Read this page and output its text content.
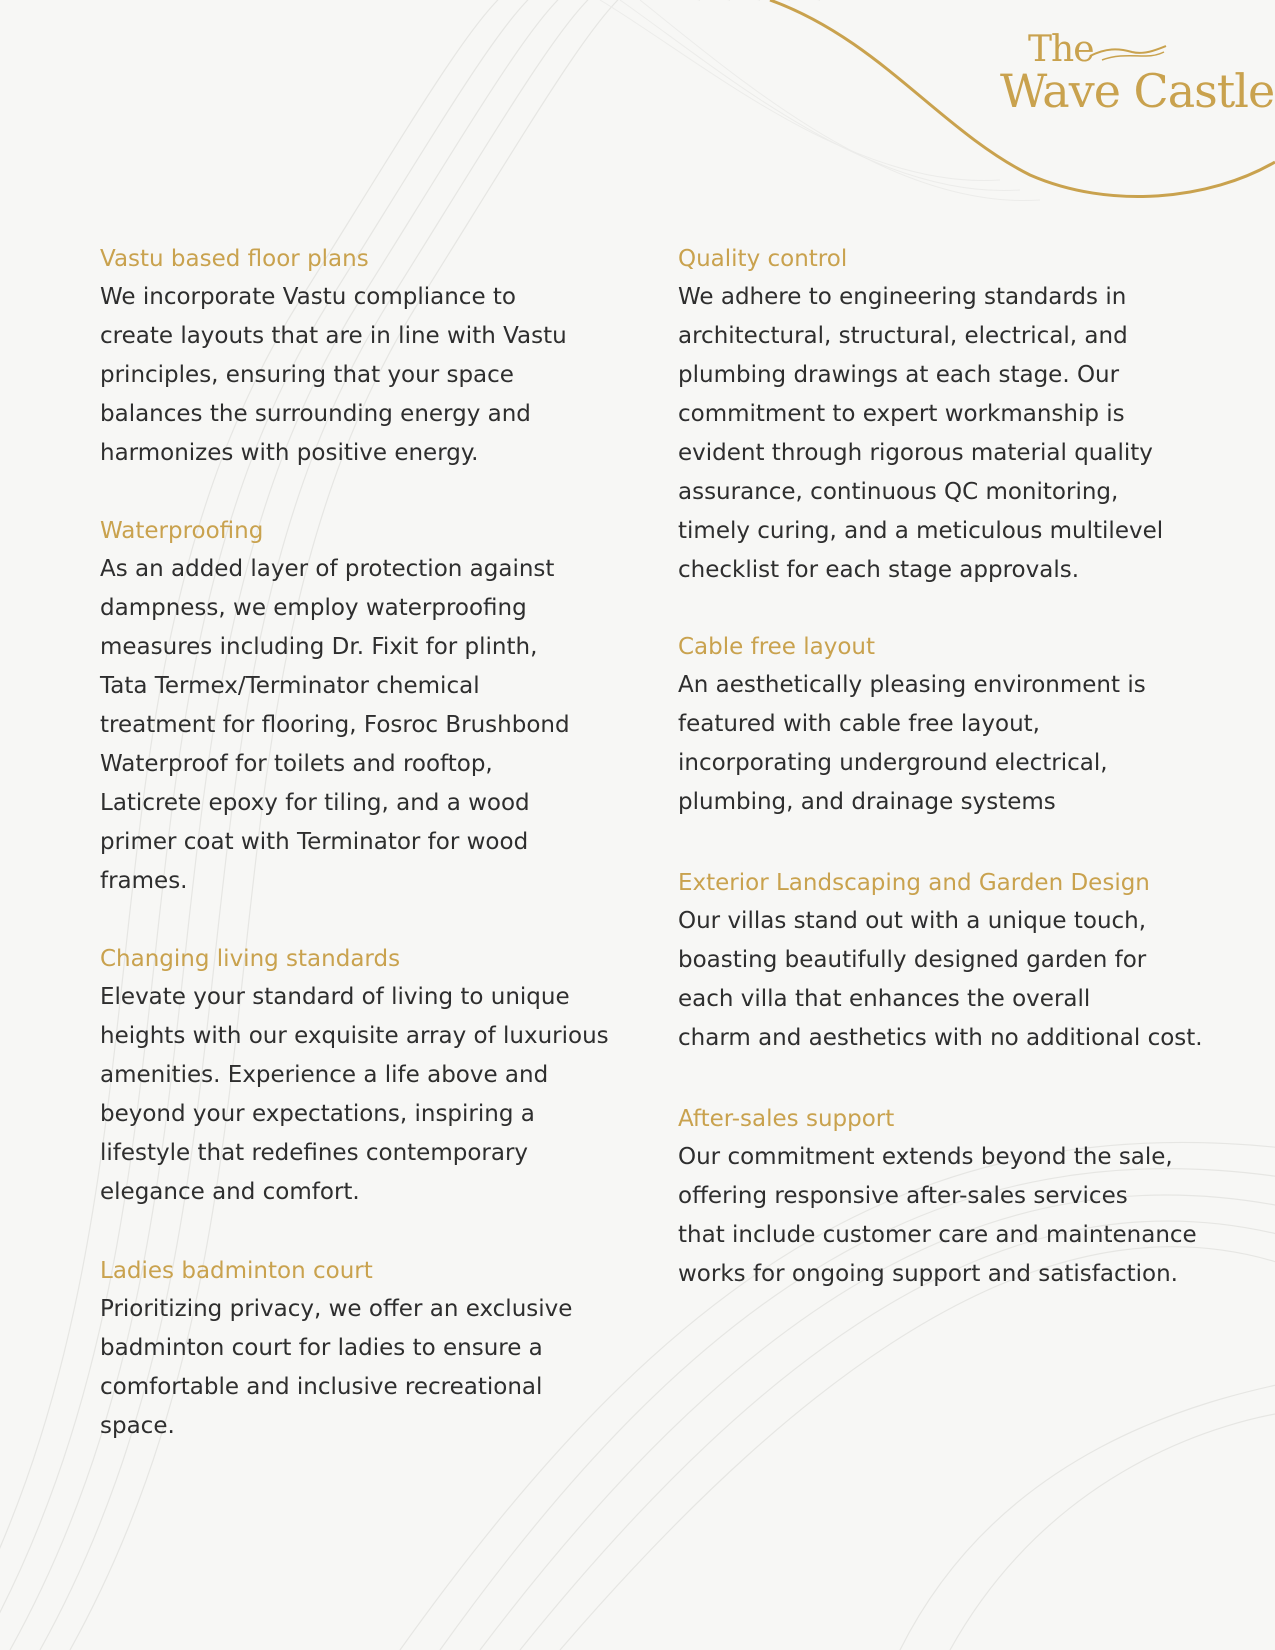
The
Wave Castle
Vastu based floor plans

We incorporate Vastu compliance to
create layouts that are in line with Vastu
principles, ensuring that your space
balances the surrounding energy and
harmonizes with positive energy.

Waterproofing

As an added layer of protection against
dampness, we employ waterproofing
measures including Dr. Fixit for plinth,
Tata Termex/Terminator chemical
treatment for flooring, Fosroc Brushbond
Waterproof for toilets and rooftop,
Laticrete epoxy for tiling, and a wood
primer coat with Terminator for wood
frames.

Changing living standards

Elevate your standard of living to unique
heights with our exquisite array of luxurious
amenities. Experience a life above and
beyond your expectations, inspiring a
lifestyle that redefines contemporary
elegance and comfort.

Ladies badminton court

Prioritizing privacy, we offer an exclusive
badminton court for ladies to ensure a
comfortable and inclusive recreational
space.

Quality control

We adhere to engineering standards in
architectural, structural, electrical, and
plumbing drawings at each stage. Our
commitment to expert workmanship is
evident through rigorous material quality
assurance, continuous QC monitoring,
timely curing, and a meticulous multilevel
checklist for each stage approvals.

Cable free layout

An aesthetically pleasing environment is
featured with cable free layout,
incorporating underground electrical,
plumbing, and drainage systems

Exterior Landscaping and Garden Design

Our villas stand out with a unique touch,
boasting beautifully designed garden for
each villa that enhances the overall
charm and aesthetics with no additional cost.

After-sales support

Our commitment extends beyond the sale,
offering responsive after-sales services
that include customer care and maintenance
works for ongoing support and satisfaction.
